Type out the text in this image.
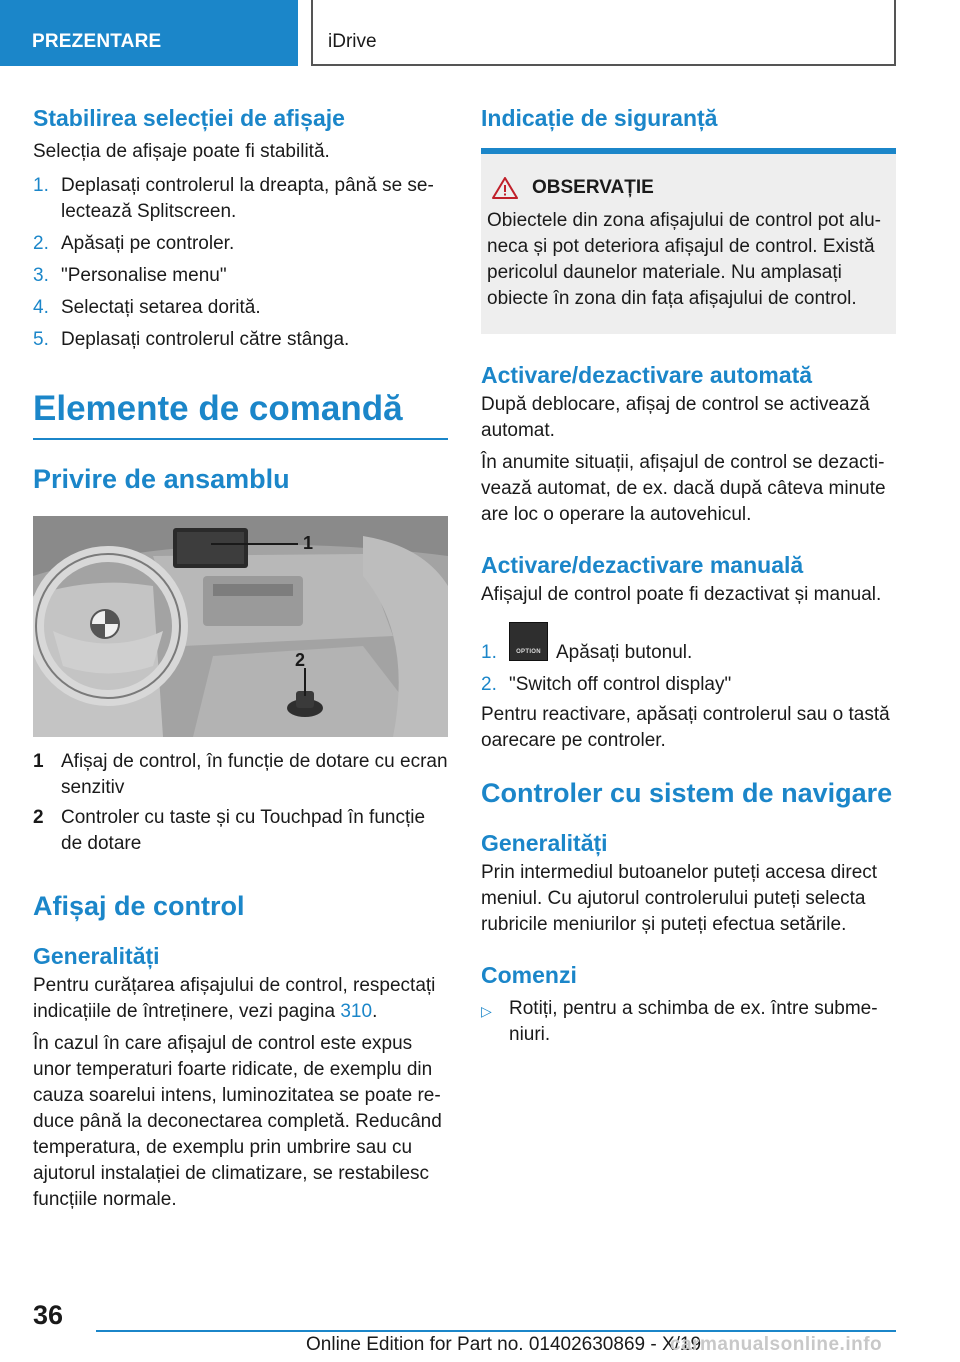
PREZENTARE	iDrive
Stabilirea selecției de afișaje
Selecția de afișaje poate fi stabilită.
1. Deplasați controlerul la dreapta, până se se-
lectează Splitscreen.
2. Apăsați pe controler.
3. "Personalise menu"
4. Selectați setarea dorită.
5. Deplasați controlerul către stânga.
Elemente de comandă
Privire de ansamblu
1
2
1 Afișaj de control, în funcție de dotare cu ecran
senzitiv
2 Controler cu taste și cu Touchpad în funcție
de dotare
Afișaj de control
Generalități
Pentru curățarea afișajului de control, respectați
indicațiile de întreținere, vezi pagina 310.
În cazul în care afișajul de control este expus
unor temperaturi foarte ridicate, de exemplu din
cauza soarelui intens, luminozitatea se poate re-
duce până la deconectarea completă. Reducând
temperatura, de exemplu prin umbrire sau cu
ajutorul instalației de climatizare, se restabilesc
funcțiile normale.
Indicație de siguranță
OBSERVAȚIE
Obiectele din zona afișajului de control pot alu-
neca și pot deteriora afișajul de control. Există
pericolul daunelor materiale. Nu amplasați
obiecte în zona din fața afișajului de control.
Activare/dezactivare automată
După deblocare, afișaj de control se activează
automat.
În anumite situații, afișajul de control se dezacti-
vează automat, de ex. dacă după câteva minute
are loc o operare la autovehicul.
Activare/dezactivare manuală
Afișajul de control poate fi dezactivat și manual.
1.	OPTION Apăsați butonul.
2. "Switch off control display"
Pentru reactivare, apăsați controlerul sau o tastă
oarecare pe controler.
Controler cu sistem de navigare
Generalități
Prin intermediul butoanelor puteți accesa direct
meniul. Cu ajutorul controlerului puteți selecta
rubricile meniurilor și puteți efectua setările.
Comenzi
▷ Rotiți, pentru a schimba de ex. între subme-
niuri.
36
Online Edition for Part no. 01402630869 - X/19
carmanualsonline.info
